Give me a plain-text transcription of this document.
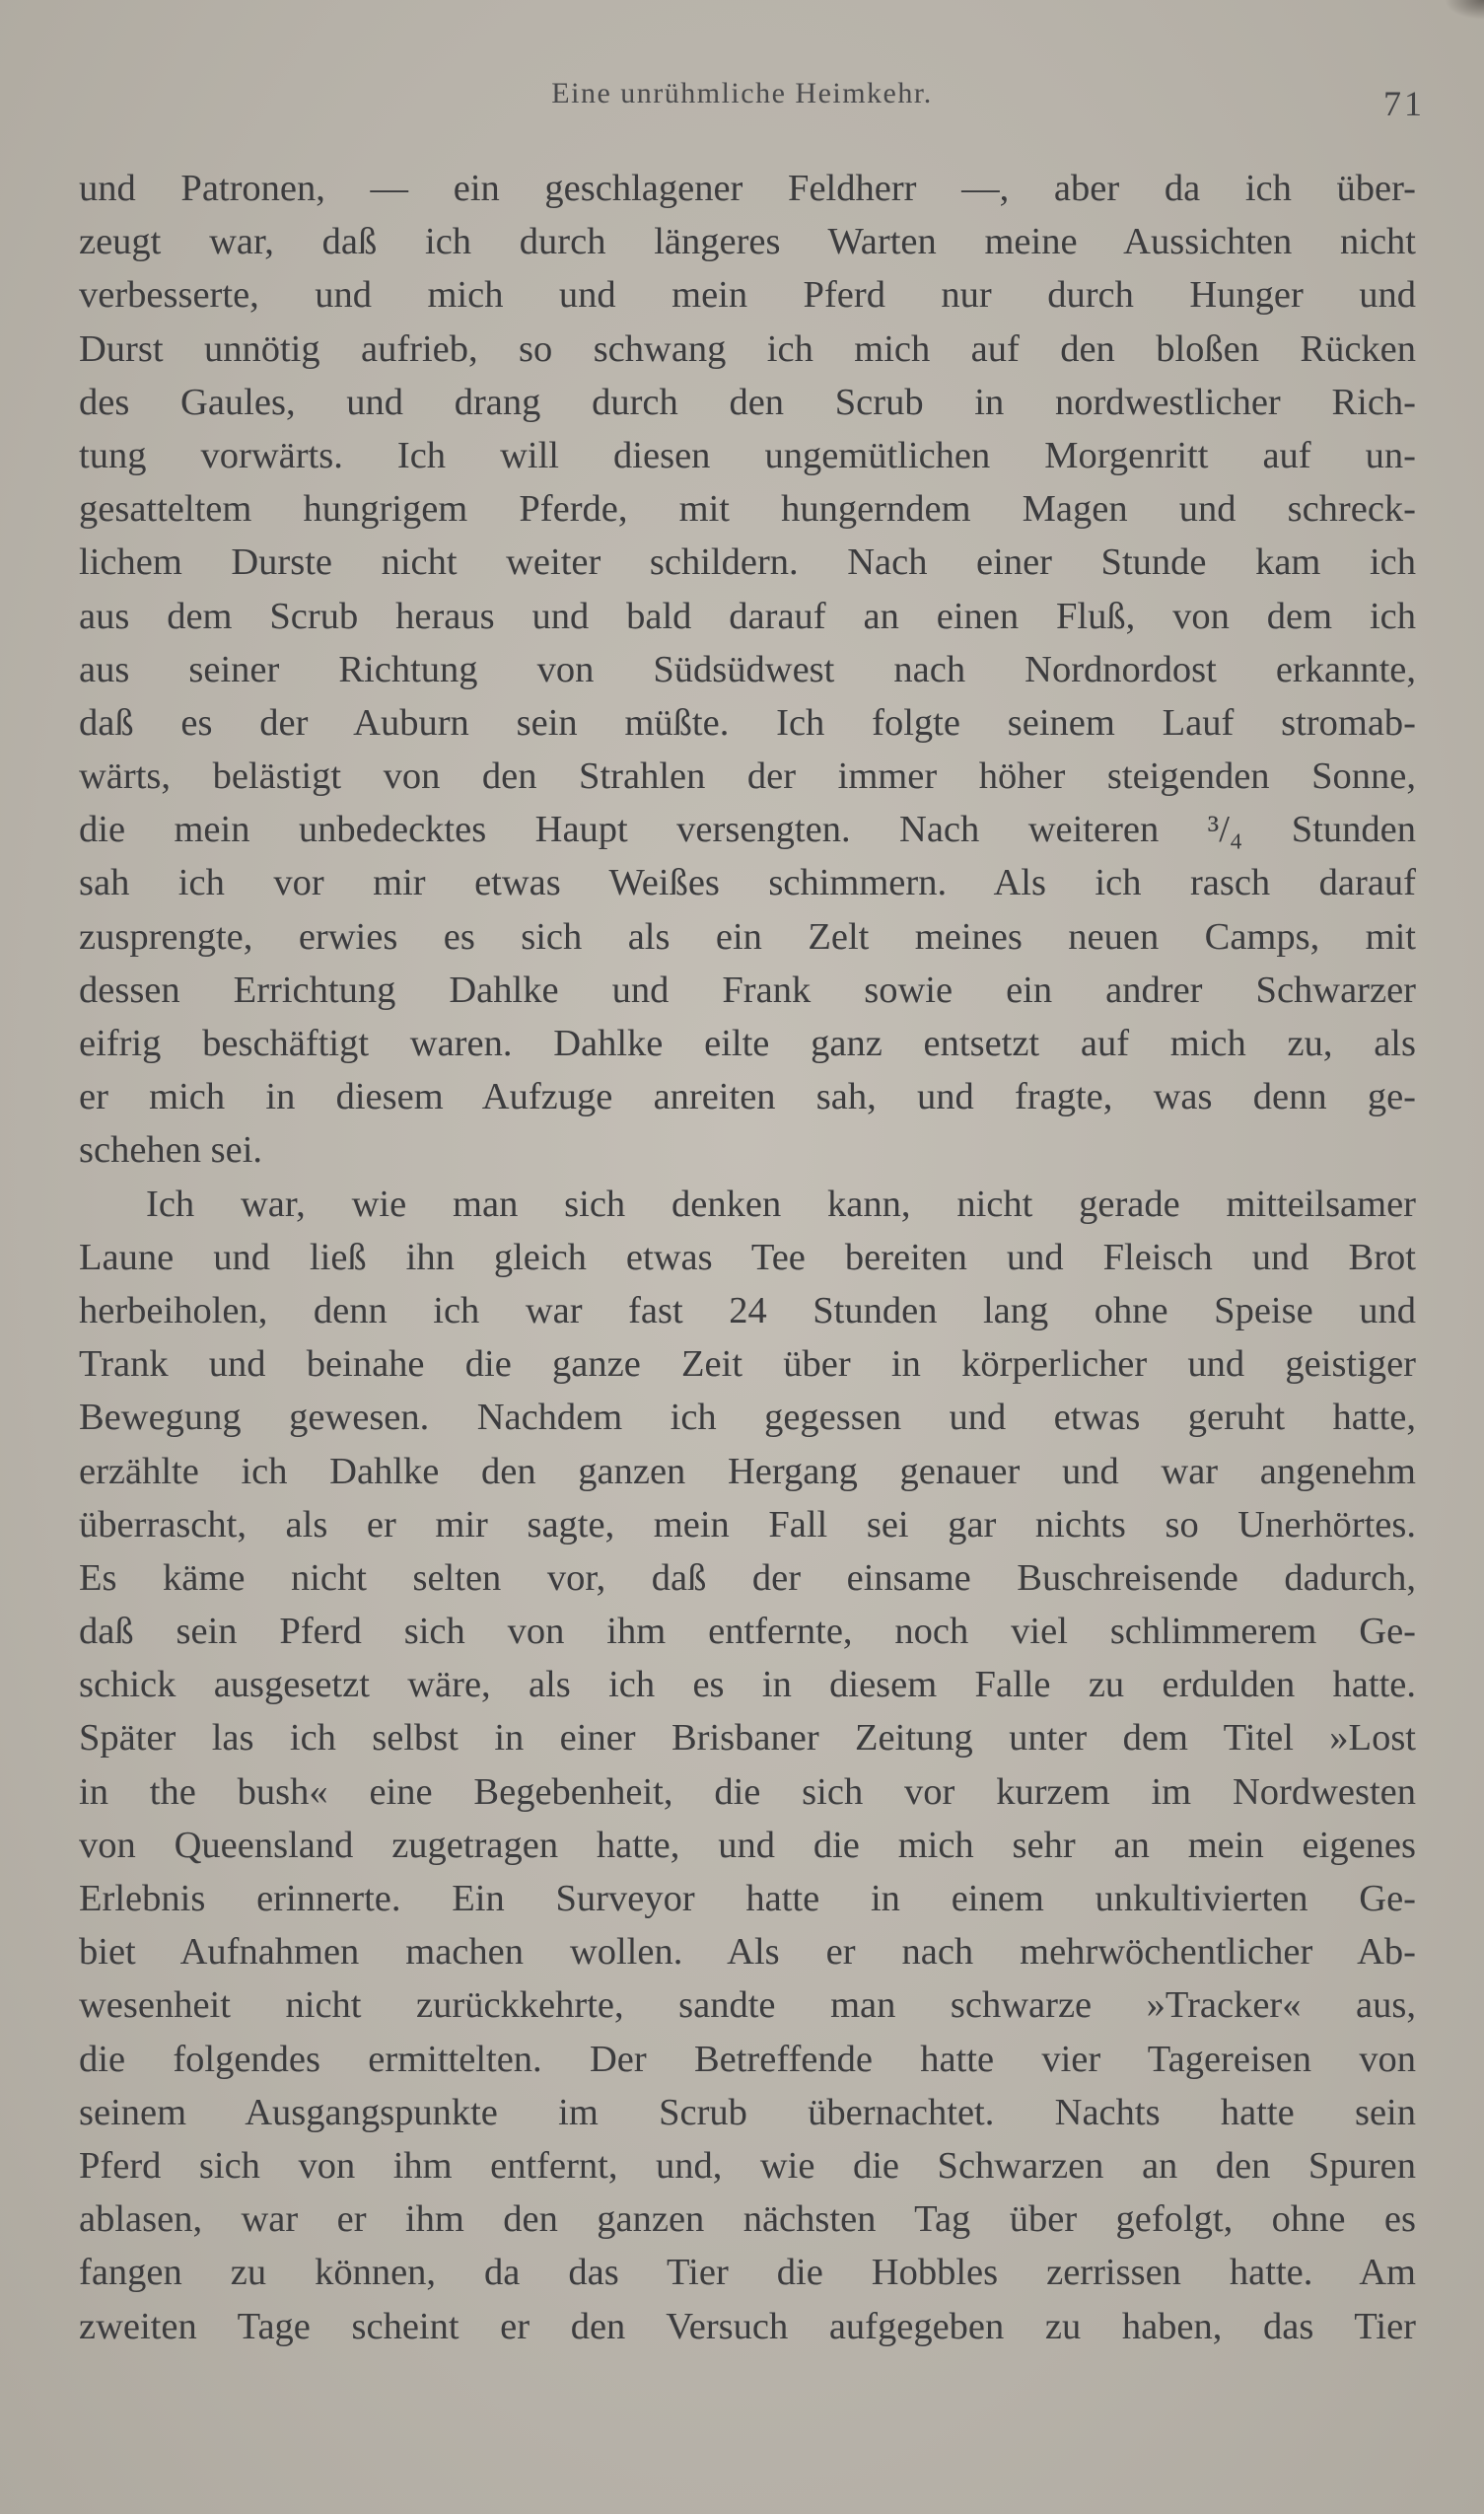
Eine unrühmliche Heimkehr.	71
und Patronen, — ein geschlagener Feldherr —, aber da ich über-
zeugt war, daß ich durch längeres Warten meine Aussichten nicht
verbesserte, und mich und mein Pferd nur durch Hunger und
Durst unnötig aufrieb, so schwang ich mich auf den bloßen Rücken
des Gaules, und drang durch den Scrub in nordwestlicher Rich-
tung vorwärts. Ich will diesen ungemütlichen Morgenritt auf un-
gesatteltem hungrigem Pferde, mit hungerndem Magen und schreck-
lichem Durste nicht weiter schildern. Nach einer Stunde kam ich
aus dem Scrub heraus und bald darauf an einen Fluß, von dem ich
aus seiner Richtung von Südsüdwest nach Nordnordost erkannte,
daß es der Auburn sein müßte. Ich folgte seinem Lauf stromab-
wärts, belästigt von den Strahlen der immer höher steigenden Sonne,
die mein unbedecktes Haupt versengten. Nach weiteren ³/₄ Stunden
sah ich vor mir etwas Weißes schimmern. Als ich rasch darauf
zusprengte, erwies es sich als ein Zelt meines neuen Camps, mit
dessen Errichtung Dahlke und Frank sowie ein andrer Schwarzer
eifrig beschäftigt waren. Dahlke eilte ganz entsetzt auf mich zu, als
er mich in diesem Aufzuge anreiten sah, und fragte, was denn ge-
schehen sei.
Ich war, wie man sich denken kann, nicht gerade mitteilsamer
Laune und ließ ihn gleich etwas Tee bereiten und Fleisch und Brot
herbeiholen, denn ich war fast 24 Stunden lang ohne Speise und
Trank und beinahe die ganze Zeit über in körperlicher und geistiger
Bewegung gewesen. Nachdem ich gegessen und etwas geruht hatte,
erzählte ich Dahlke den ganzen Hergang genauer und war angenehm
überrascht, als er mir sagte, mein Fall sei gar nichts so Unerhörtes.
Es käme nicht selten vor, daß der einsame Buschreisende dadurch,
daß sein Pferd sich von ihm entfernte, noch viel schlimmerem Ge-
schick ausgesetzt wäre, als ich es in diesem Falle zu erdulden hatte.
Später las ich selbst in einer Brisbaner Zeitung unter dem Titel »Lost
in the bush« eine Begebenheit, die sich vor kurzem im Nordwesten
von Queensland zugetragen hatte, und die mich sehr an mein eigenes
Erlebnis erinnerte. Ein Surveyor hatte in einem unkultivierten Ge-
biet Aufnahmen machen wollen. Als er nach mehrwöchentlicher Ab-
wesenheit nicht zurückkehrte, sandte man schwarze »Tracker« aus,
die folgendes ermittelten. Der Betreffende hatte vier Tagereisen von
seinem Ausgangspunkte im Scrub übernachtet. Nachts hatte sein
Pferd sich von ihm entfernt, und, wie die Schwarzen an den Spuren
ablasen, war er ihm den ganzen nächsten Tag über gefolgt, ohne es
fangen zu können, da das Tier die Hobbles zerrissen hatte. Am
zweiten Tage scheint er den Versuch aufgegeben zu haben, das Tier
